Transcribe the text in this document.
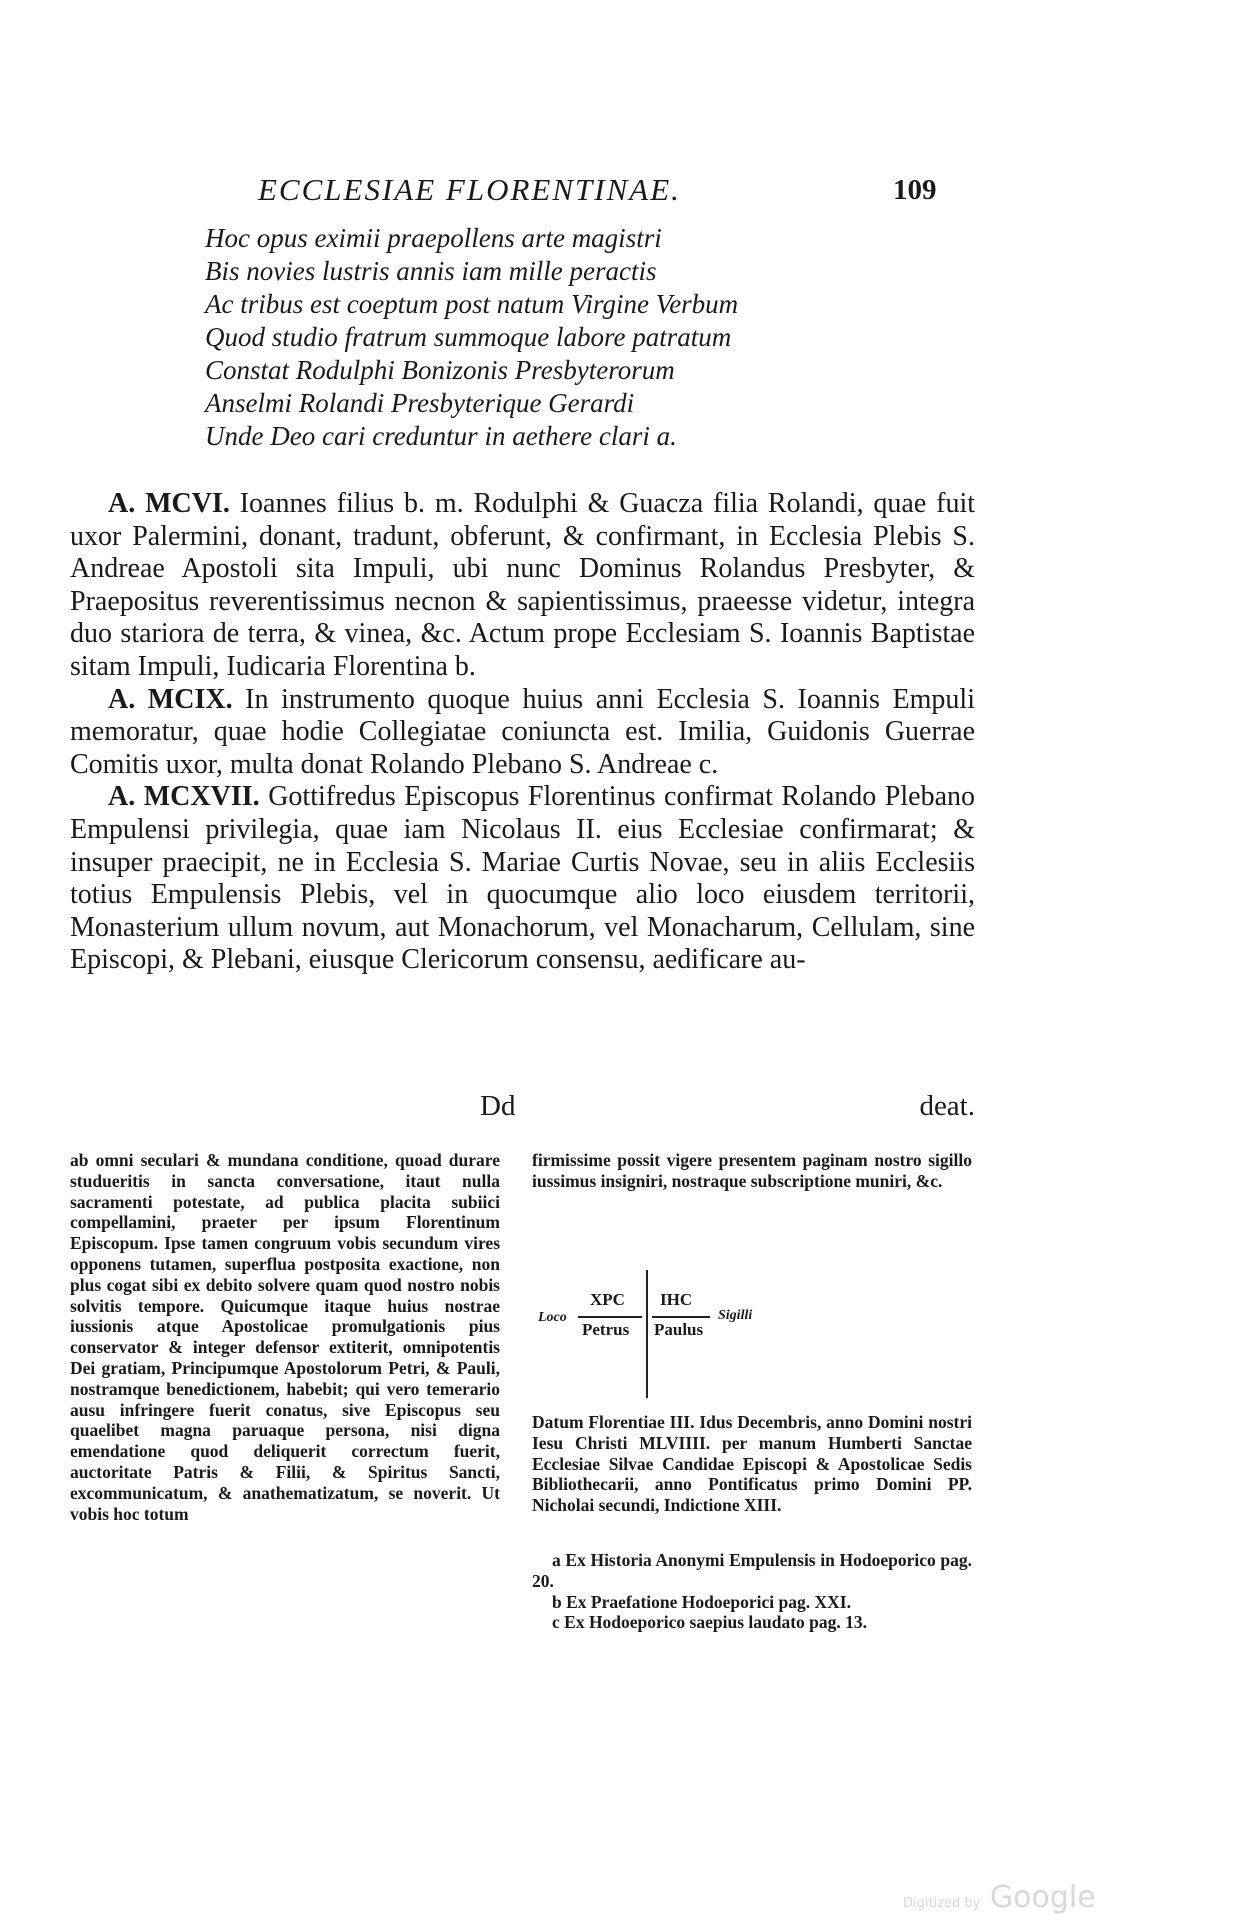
ECCLESIAE FLORENTINAE.	109
Hoc opus eximii praepollens arte magistri
Bis novies lustris annis iam mille peractis
Ac tribus est coeptum post natum Virgine Verbum
Quod studio fratrum summoque labore patratum
Constat Rodulphi Bonizonis Presbyterorum
Anselmi Rolandi Presbyterique Gerardi
Unde Deo cari creduntur in aethere clari a.

A. MCVI. Ioannes filius b. m. Rodulphi & Guacza filia Rolandi, quae fuit uxor Palermini, donant, tradunt, obferunt, & confirmant, in Ecclesia Plebis S. Andreae Apostoli sita Impuli, ubi nunc Dominus Rolandus Presbyter, & Praepositus reverentissimus necnon & sapientissimus, praeesse videtur, integra duo stariora de terra, & vinea, &c. Actum prope Ecclesiam S. Ioannis Baptistae sitam Impuli, Iudicaria Florentina b.

A. MCIX. In instrumento quoque huius anni Ecclesia S. Ioannis Empuli memoratur, quae hodie Collegiatae coniuncta est. Imilia, Guidonis Guerrae Comitis uxor, multa donat Rolando Plebano S. Andreae c.

A. MCXVII. Gottifredus Episcopus Florentinus confirmat Rolando Plebano Empulensi privilegia, quae iam Nicolaus II. eius Ecclesiae confirmarat; & insuper praecipit, ne in Ecclesia S. Mariae Curtis Novae, seu in aliis Ecclesiis totius Empulensis Plebis, vel in quocumque alio loco eiusdem territorii, Monasterium ullum novum, aut Monachorum, vel Monacharum, Cellulam, sine Episcopi, & Plebani, eiusque Clericorum consensu, aedificare au-

Dd	deat.

ab omni seculari & mundana conditione, quoad durare studueritis in sancta conversatione, itaut nulla sacramenti potestate, ad publica placita subiici compellamini, praeter per ipsum Florentinum Episcopum. Ipse tamen congruum vobis secundum vires opponens tutamen, superflua postposita exactione, non plus cogat sibi ex debito solvere quam quod nostro nobis solvitis tempore. Quicumque itaque huius nostrae iussionis atque Apostolicae promulgationis pius conservator & integer defensor extiterit, omnipotentis Dei gratiam, Principumque Apostolorum Petri, & Pauli, nostramque benedictionem, habebit; qui vero temerario ausu infringere fuerit conatus, sive Episcopus seu quaelibet magna paruaque persona, nisi digna emendatione quod deliquerit correctum fuerit, auctoritate Patris & Filii, & Spiritus Sancti, excommunicatum, & anathematizatum, se noverit. Ut vobis hoc totum

firmissime possit vigere presentem paginam nostro sigillo iussimus insigniri, nostraque subscriptione muniri, &c.

Datum Florentiae III. Idus Decembris, anno Domini nostri Iesu Christi MLVIIII. per manum Humberti Sanctae Ecclesiae Silvae Candidae Episcopi & Apostolicae Sedis Bibliothecarii, anno Pontificatus primo Domini PP. Nicholai secundi, Indictione XIII.

a Ex Historia Anonymi Empulensis in Hodoeporico pag. 20.

b Ex Praefatione Hodoeporici pag. XXI.

c Ex Hodoeporico saepius laudato pag. 13.

XPC IHC
Loco
Petrus Paulus
Sigilli
Digitized by Google
